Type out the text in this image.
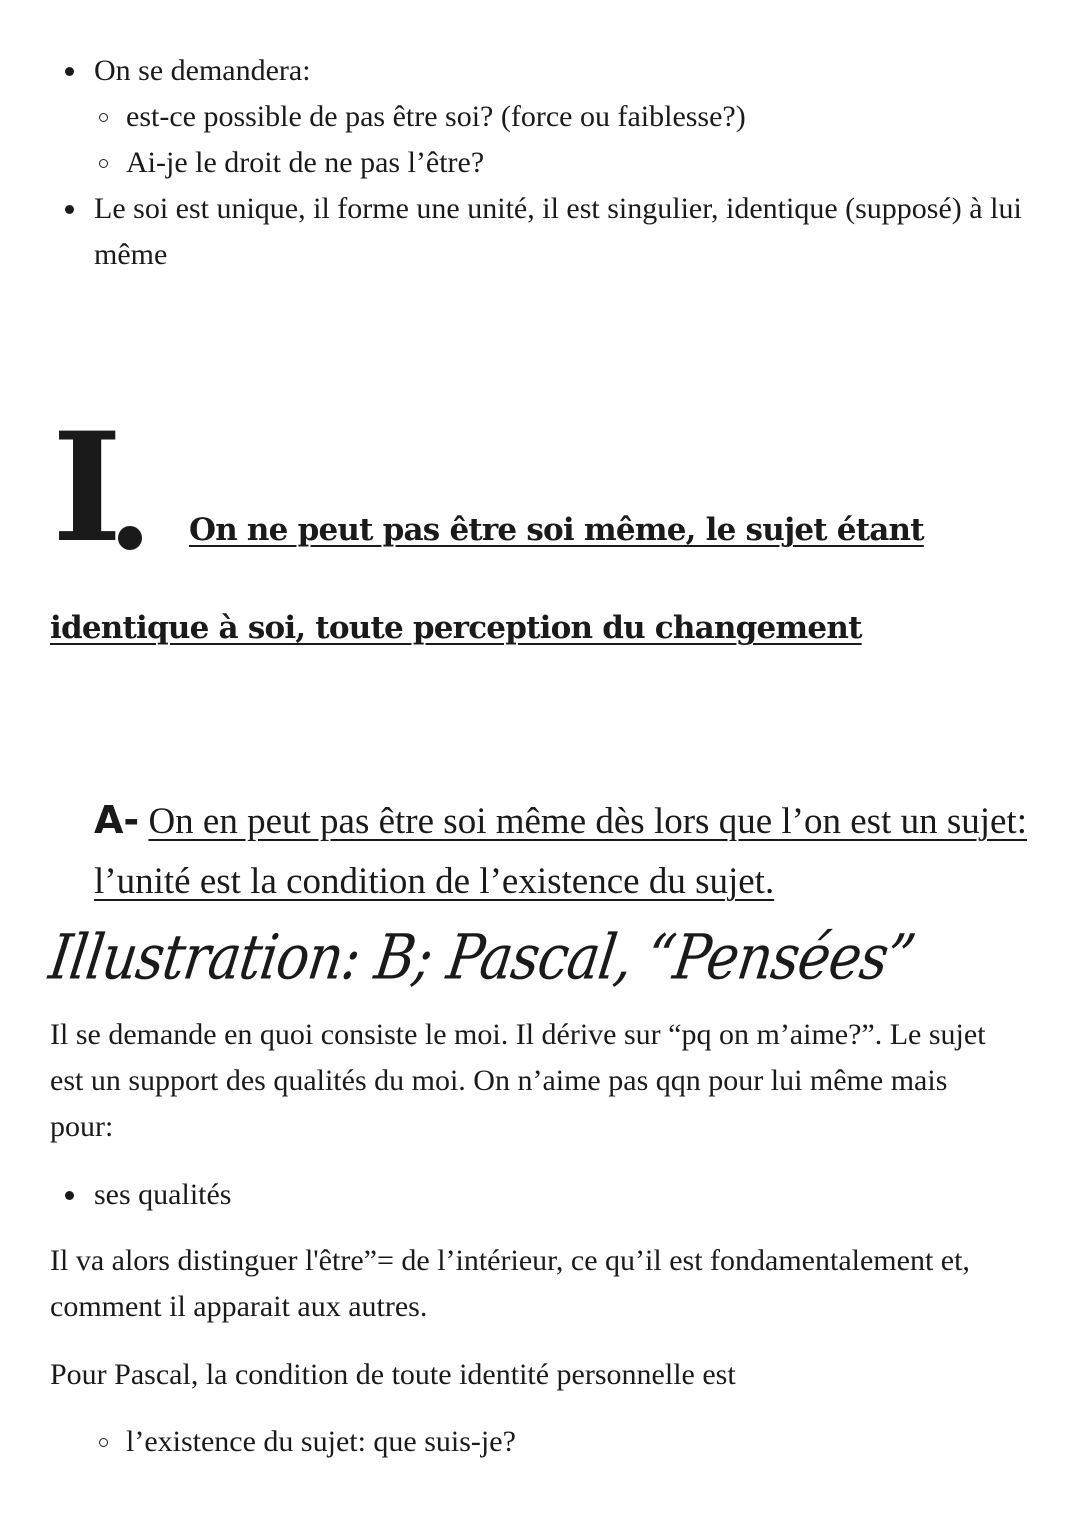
On se demandera:
est-ce possible de pas être soi? (force ou faiblesse?)
Ai-je le droit de ne pas l’être?
Le soi est unique, il forme une unité, il est singulier, identique (supposé) à lui même
I On ne peut pas être soi même, le sujet étant
identique à soi, toute perception du changement
A- On en peut pas être soi même dès lors que l’on est un sujet: l’unité est la condition de l’existence du sujet.
Illustration: B; Pascal, “Pensées”

Il se demande en quoi consiste le moi. Il dérive sur “pq on m’aime?”. Le sujet est un support des qualités du moi. On n’aime pas qqn pour lui même mais pour:

ses qualités

Il va alors distinguer l'être”= de l’intérieur, ce qu’il est fondamentalement et, comment il apparait aux autres.

Pour Pascal, la condition de toute identité personnelle est

l’existence du sujet: que suis-je?
